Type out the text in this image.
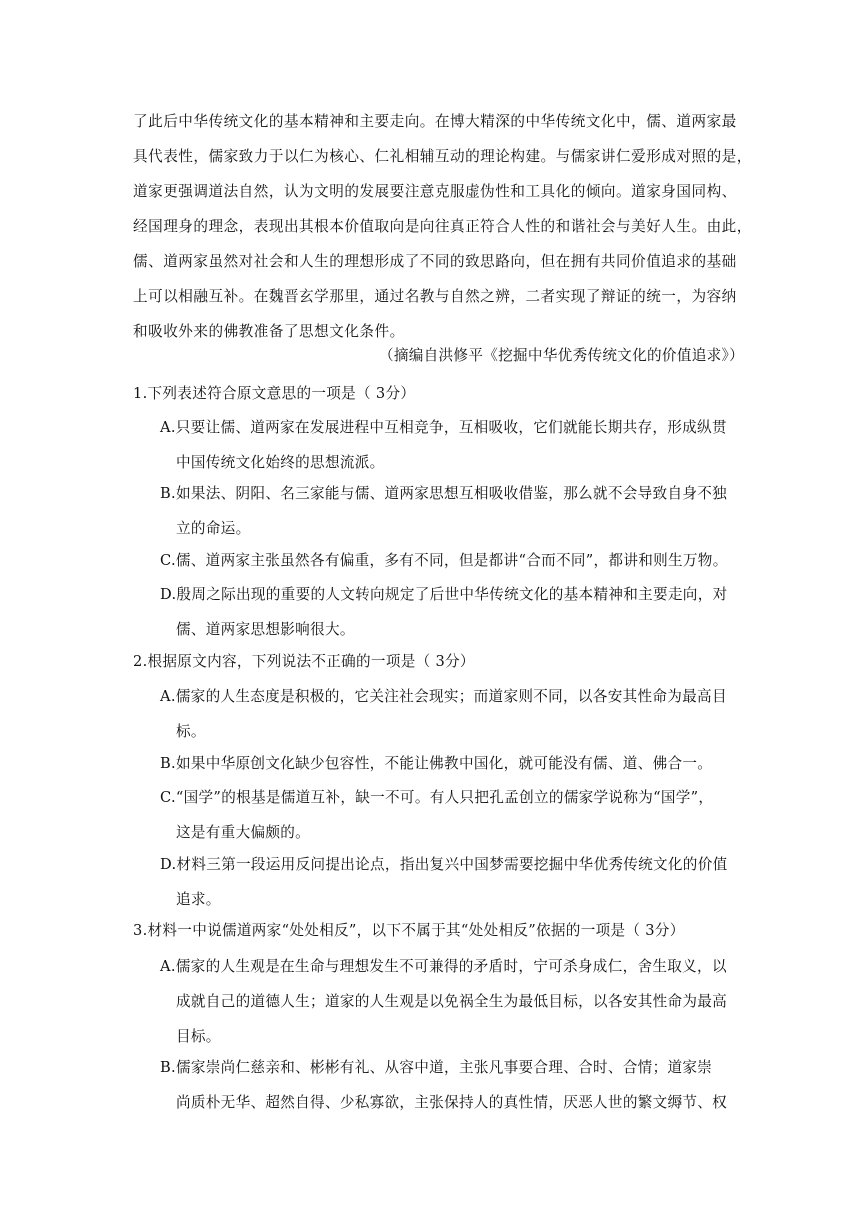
了此后中华传统文化的基本精神和主要走向。在博大精深的中华传统文化中，儒、道两家最
具代表性，儒家致力于以仁为核心、仁礼相辅互动的理论构建。与儒家讲仁爱形成对照的是，
道家更强调道法自然，认为文明的发展要注意克服虚伪性和工具化的倾向。道家身国同构、
经国理身的理念，表现出其根本价值取向是向往真正符合人性的和谐社会与美好人生。由此，
儒、道两家虽然对社会和人生的理想形成了不同的致思路向，但在拥有共同价值追求的基础
上可以相融互补。在魏晋玄学那里，通过名教与自然之辨，二者实现了辩证的统一，为容纳
和吸收外来的佛教准备了思想文化条件。
（摘编自洪修平《挖掘中华优秀传统文化的价值追求》）
1.下列表述符合原文意思的一项是（ 3分）
A.只要让儒、道两家在发展进程中互相竞争，互相吸收，它们就能长期共存，形成纵贯
中国传统文化始终的思想流派。
B.如果法、阴阳、名三家能与儒、道两家思想互相吸收借鉴，那么就不会导致自身不独
立的命运。
C.儒、道两家主张虽然各有偏重，多有不同，但是都讲“合而不同”，都讲和则生万物。
D.殷周之际出现的重要的人文转向规定了后世中华传统文化的基本精神和主要走向，对
儒、道两家思想影响很大。
2.根据原文内容，下列说法不正确的一项是（ 3分）
A.儒家的人生态度是积极的，它关注社会现实；而道家则不同，以各安其性命为最高目
标。
B.如果中华原创文化缺少包容性，不能让佛教中国化，就可能没有儒、道、佛合一。
C.“国学”的根基是儒道互补，缺一不可。有人只把孔孟创立的儒家学说称为“国学”，
这是有重大偏颇的。
D.材料三第一段运用反问提出论点，指出复兴中国梦需要挖掘中华优秀传统文化的价值
追求。
3.材料一中说儒道两家“处处相反”，以下不属于其“处处相反”依据的一项是（ 3分）
A.儒家的人生观是在生命与理想发生不可兼得的矛盾时，宁可杀身成仁，舍生取义，以
成就自己的道德人生；道家的人生观是以免祸全生为最低目标，以各安其性命为最高
目标。
B.儒家崇尚仁慈亲和、彬彬有礼、从容中道，主张凡事要合理、合时、合情；道家崇
尚质朴无华、超然自得、少私寡欲，主张保持人的真性情，厌恶人世的繁文缛节、权
